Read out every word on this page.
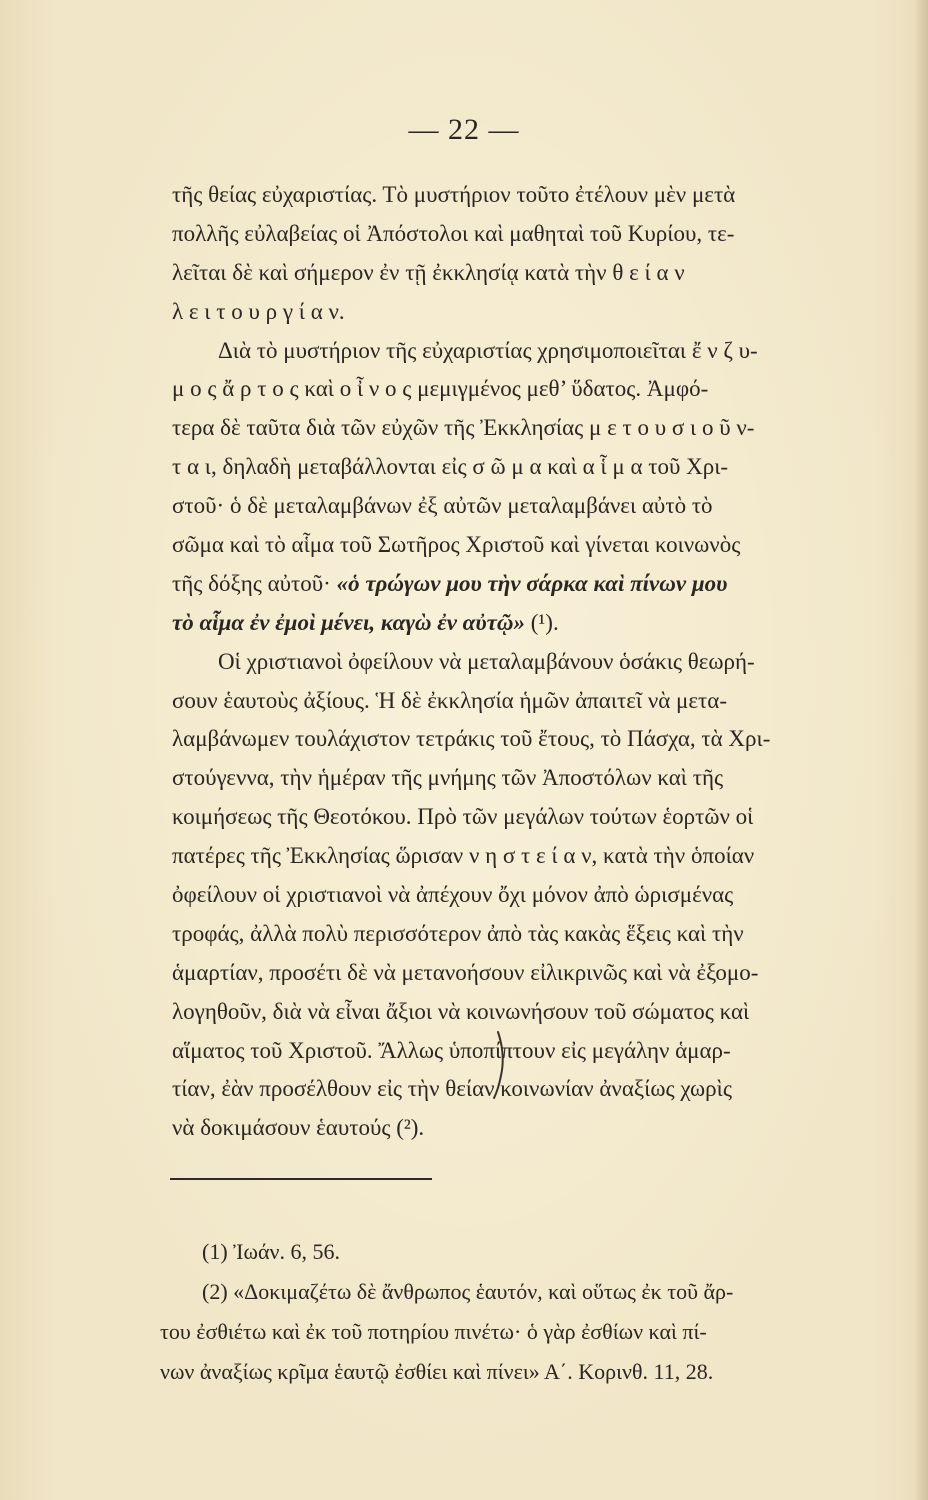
— 22 —
τῆς θείας εὐχαριστίας. Τὸ μυστήριον τοῦτο ἐτέλουν μὲν μετὰ
πολλῆς εὐλαβείας οἱ Ἀπόστολοι καὶ μαθηταὶ τοῦ Κυρίου, τε-
λεῖται δὲ καὶ σήμερον ἐν τῇ ἐκκλησίᾳ κατὰ τὴν θ ε ί α ν
λ ε ι τ ο υ ρ γ ί α ν.
Διὰ τὸ μυστήριον τῆς εὐχαριστίας χρησιμοποιεῖται ἔ ν ζ υ-
μ ο ς ἄ ρ τ ο ς καὶ ο ἶ ν ο ς μεμιγμένος μεθ’ ὕδατος. Ἀμφό-
τερα δὲ ταῦτα διὰ τῶν εὐχῶν τῆς Ἐκκλησίας μ ε τ ο υ σ ι ο ῦ ν-
τ α ι, δηλαδὴ μεταβάλλονται εἰς σ ῶ μ α καὶ α ἷ μ α τοῦ Χρι-
στοῦ· ὁ δὲ μεταλαμβάνων ἐξ αὐτῶν μεταλαμβάνει αὐτὸ τὸ
σῶμα καὶ τὸ αἷμα τοῦ Σωτῆρος Χριστοῦ καὶ γίνεται κοινωνὸς
τῆς δόξης αὐτοῦ· «ὁ τρώγων μου τὴν σάρκα καὶ πίνων μου
τὸ αἷμα ἐν ἐμοὶ μένει, καγὼ ἐν αὐτῷ» (¹).
Οἱ χριστιανοὶ ὀφείλουν νὰ μεταλαμβάνουν ὁσάκις θεωρή-
σουν ἑαυτοὺς ἀξίους. Ἡ δὲ ἐκκλησία ἡμῶν ἀπαιτεῖ νὰ μετα-
λαμβάνωμεν τουλάχιστον τετράκις τοῦ ἔτους, τὸ Πάσχα, τὰ Χρι-
στούγεννα, τὴν ἡμέραν τῆς μνήμης τῶν Ἀποστόλων καὶ τῆς
κοιμήσεως τῆς Θεοτόκου. Πρὸ τῶν μεγάλων τούτων ἑορτῶν οἱ
πατέρες τῆς Ἐκκλησίας ὥρισαν ν η σ τ ε ί α ν, κατὰ τὴν ὁποίαν
ὀφείλουν οἱ χριστιανοὶ νὰ ἀπέχουν ὄχι μόνον ἀπὸ ὡρισμένας
τροφάς, ἀλλὰ πολὺ περισσότερον ἀπὸ τὰς κακὰς ἕξεις καὶ τὴν
ἁμαρτίαν, προσέτι δὲ νὰ μετανοήσουν εἰλικρινῶς καὶ νὰ ἐξομο-
λογηθοῦν, διὰ νὰ εἶναι ἄξιοι νὰ κοινωνήσουν τοῦ σώματος καὶ
αἵματος τοῦ Χριστοῦ. Ἄλλως ὑποπίπτουν εἰς μεγάλην ἁμαρ-
τίαν, ἐὰν προσέλθουν εἰς τὴν θείαν κοινωνίαν ἀναξίως χωρὶς
νὰ δοκιμάσουν ἑαυτούς (²).
(1) Ἰωάν. 6, 56.
(2) «Δοκιμαζέτω δὲ ἄνθρωπος ἑαυτόν, καὶ οὕτως ἐκ τοῦ ἄρ-
του ἐσθιέτω καὶ ἐκ τοῦ ποτηρίου πινέτω· ὁ γὰρ ἐσθίων καὶ πί-
νων ἀναξίως κρῖμα ἑαυτῷ ἐσθίει καὶ πίνει» Α΄. Κορινθ. 11, 28.
